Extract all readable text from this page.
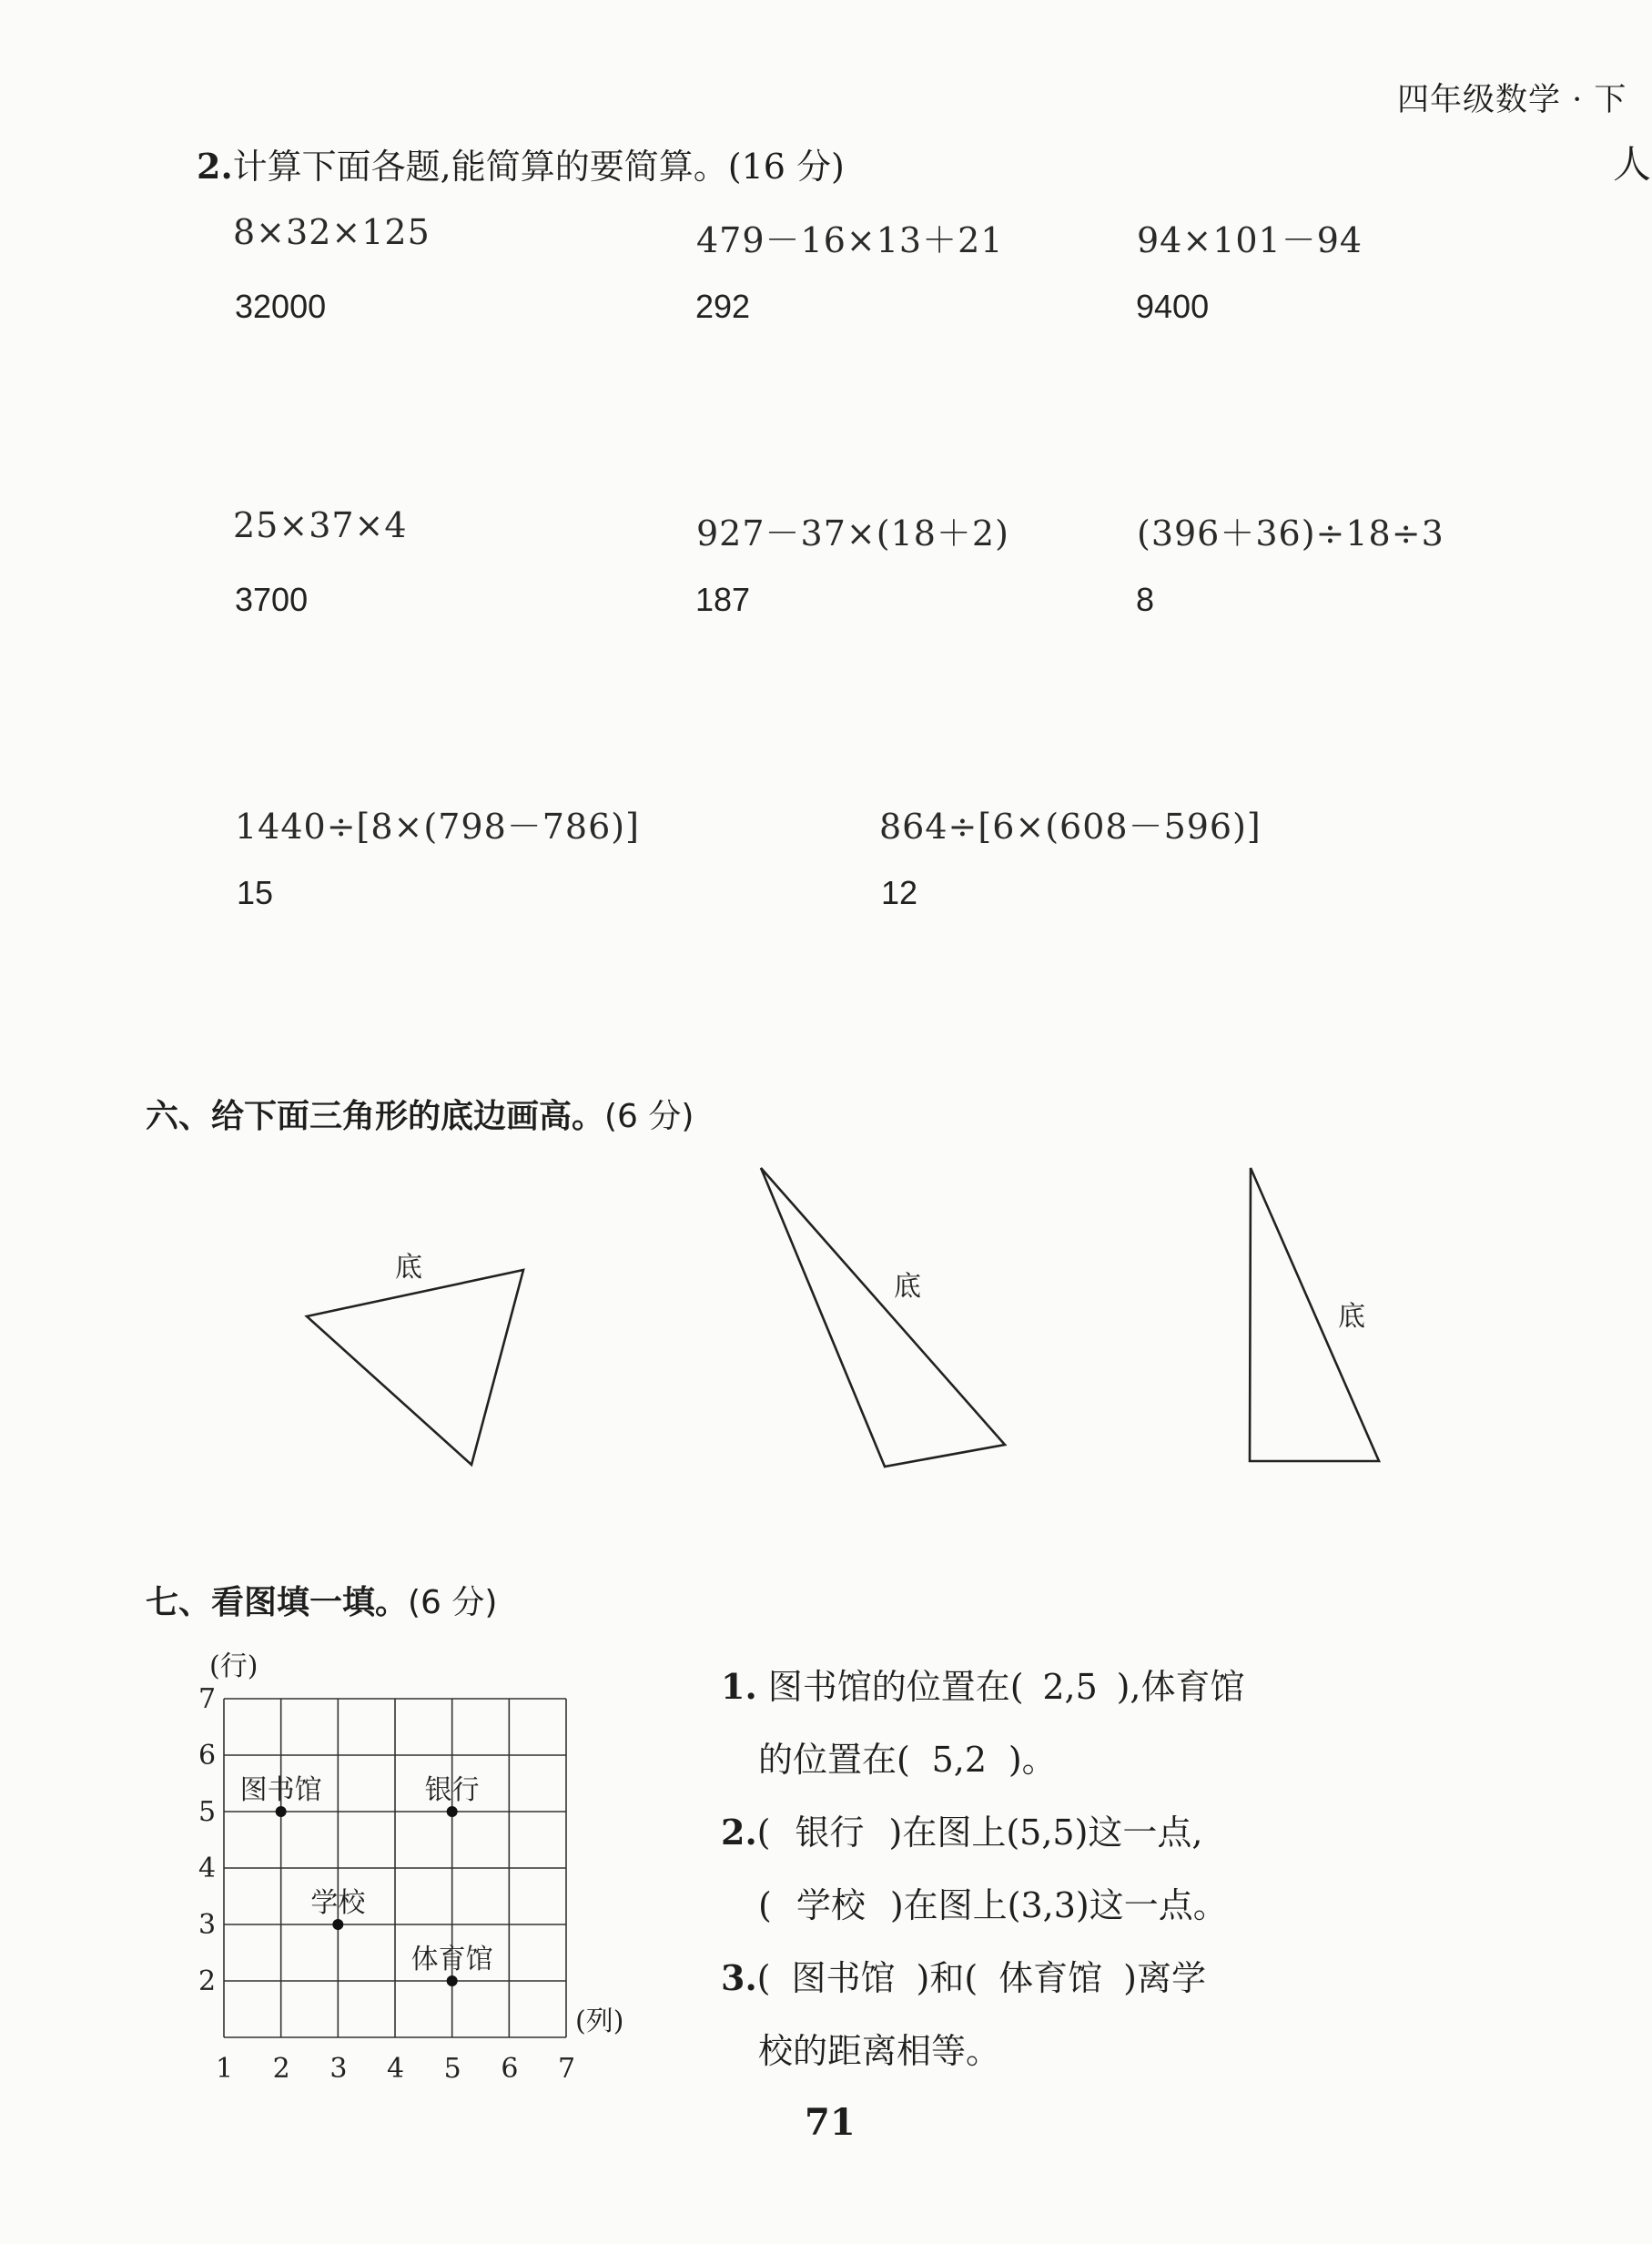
四年级数学 · 下
人
2.计算下面各题,能简算的要简算。(16 分)
8×32×125
32000
479－16×13＋21
292
94×101－94
9400
25×37×4
3700
927－37×(18＋2)
187
(396＋36)÷18÷3
8
1440÷[8×(798－786)]
15
864÷[6×(608－596)]
12
六、给下面三角形的底边画高。(6 分)
底
底
底
七、看图填一填。(6 分)
(行)
(列)
2
3
4
5
6
7
1 2 3 4 5 6 7
图书馆	银行
学校
体育馆
1. 图书馆的位置在( 2,5 ),体育馆
的位置在( 5,2 )。
2.( 银行 )在图上(5,5)这一点,
( 学校 )在图上(3,3)这一点。
3.( 图书馆 )和( 体育馆 )离学
校的距离相等。
71
